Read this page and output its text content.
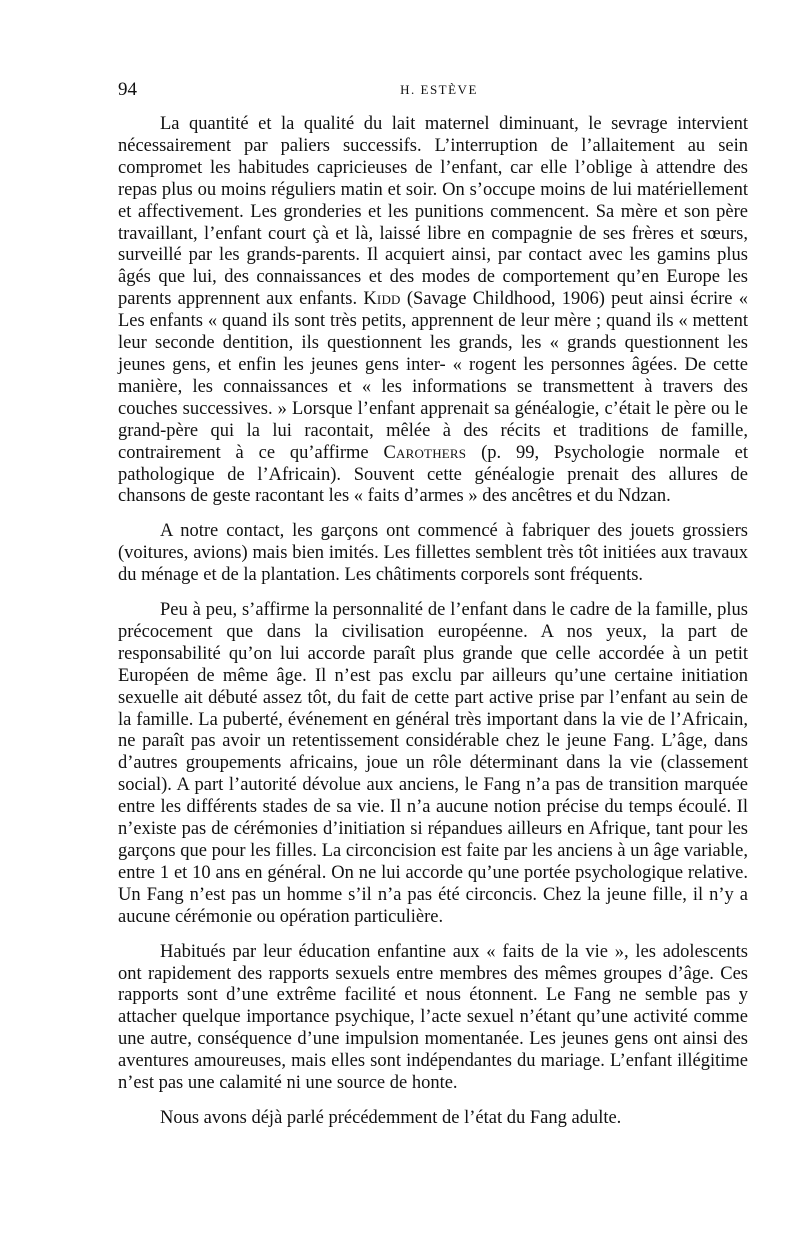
94	H. ESTÈVE

La quantité et la qualité du lait maternel diminuant, le sevrage intervient nécessairement par paliers successifs. L’interruption de l’allaitement au sein compromet les habitudes capricieuses de l’enfant, car elle l’oblige à attendre des repas plus ou moins réguliers matin et soir. On s’occupe moins de lui matériellement et affectivement. Les gronderies et les punitions commencent. Sa mère et son père travaillant, l’enfant court çà et là, laissé libre en compagnie de ses frères et sœurs, surveillé par les grands-parents. Il acquiert ainsi, par contact avec les gamins plus âgés que lui, des connaissances et des modes de comportement qu’en Europe les parents apprennent aux enfants. Kidd (Savage Childhood, 1906) peut ainsi écrire « Les enfants « quand ils sont très petits, apprennent de leur mère ; quand ils « mettent leur seconde dentition, ils questionnent les grands, les « grands questionnent les jeunes gens, et enfin les jeunes gens inter- « rogent les personnes âgées. De cette manière, les connaissances et « les informations se transmettent à travers des couches successives. » Lorsque l’enfant apprenait sa généalogie, c’était le père ou le grand-père qui la lui racontait, mêlée à des récits et traditions de famille, contrairement à ce qu’affirme Carothers (p. 99, Psychologie normale et pathologique de l’Africain). Souvent cette généalogie prenait des allures de chansons de geste racontant les « faits d’armes » des ancêtres et du Ndzan.

A notre contact, les garçons ont commencé à fabriquer des jouets grossiers (voitures, avions) mais bien imités. Les fillettes semblent très tôt initiées aux travaux du ménage et de la plantation. Les châtiments corporels sont fréquents.

Peu à peu, s’affirme la personnalité de l’enfant dans le cadre de la famille, plus précocement que dans la civilisation européenne. A nos yeux, la part de responsabilité qu’on lui accorde paraît plus grande que celle accordée à un petit Européen de même âge. Il n’est pas exclu par ailleurs qu’une certaine initiation sexuelle ait débuté assez tôt, du fait de cette part active prise par l’enfant au sein de la famille. La puberté, événement en général très important dans la vie de l’Africain, ne paraît pas avoir un retentissement considérable chez le jeune Fang. L’âge, dans d’autres groupements africains, joue un rôle déterminant dans la vie (classement social). A part l’autorité dévolue aux anciens, le Fang n’a pas de transition marquée entre les différents stades de sa vie. Il n’a aucune notion précise du temps écoulé. Il n’existe pas de cérémonies d’initiation si répandues ailleurs en Afrique, tant pour les garçons que pour les filles. La circoncision est faite par les anciens à un âge variable, entre 1 et 10 ans en général. On ne lui accorde qu’une portée psychologique relative. Un Fang n’est pas un homme s’il n’a pas été circoncis. Chez la jeune fille, il n’y a aucune cérémonie ou opération particulière.

Habitués par leur éducation enfantine aux « faits de la vie », les adolescents ont rapidement des rapports sexuels entre membres des mêmes groupes d’âge. Ces rapports sont d’une extrême facilité et nous étonnent. Le Fang ne semble pas y attacher quelque importance psychique, l’acte sexuel n’étant qu’une activité comme une autre, conséquence d’une impulsion momentanée. Les jeunes gens ont ainsi des aventures amoureuses, mais elles sont indépendantes du mariage. L’enfant illégitime n’est pas une calamité ni une source de honte.

Nous avons déjà parlé précédemment de l’état du Fang adulte.
